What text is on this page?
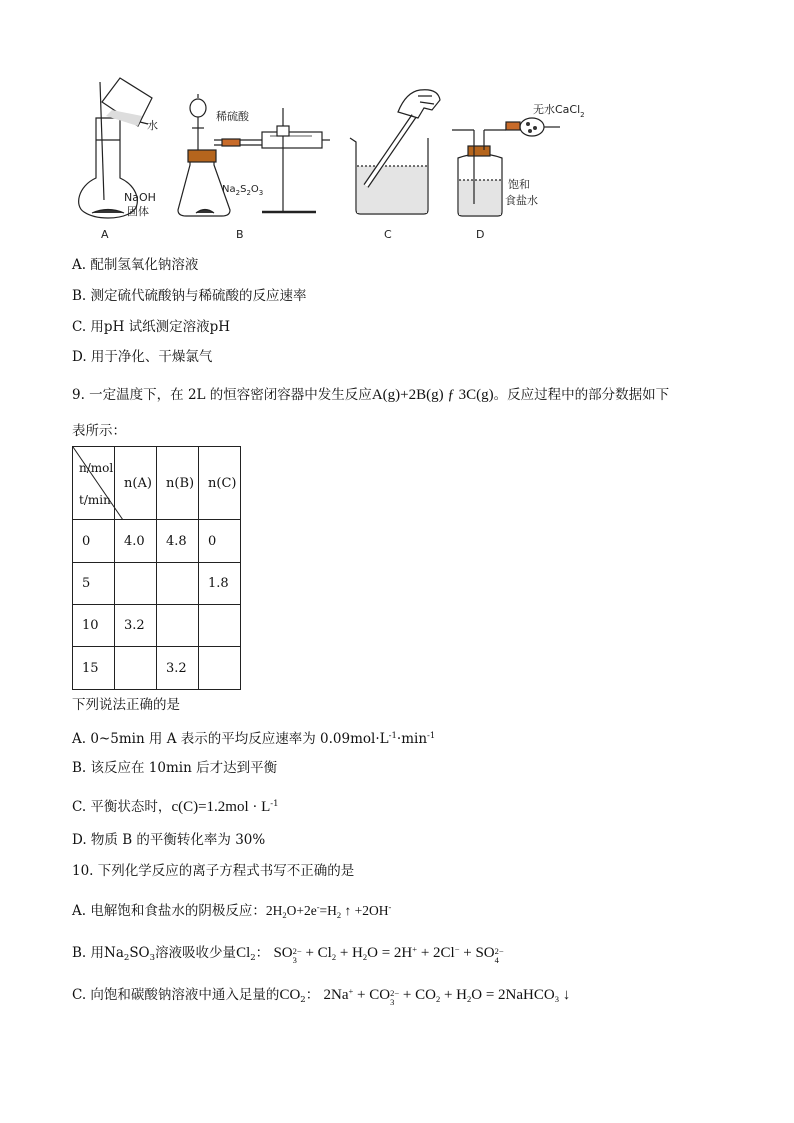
水
NaOH
固体
A
稀硫酸
$Na_2S_2O_3$
B	C
无水CaCl$_2$
饱和
食盐水
D
A. 配制氢氧化钠溶液
B. 测定硫代硫酸钠与稀硫酸的反应速率
C. 用pH 试纸测定溶液pH
D. 用于净化、干燥氯气
9. 一定温度下，在 2L 的恒容密闭容器中发生反应A(g)+2B(g) ƒ 3C(g)。反应过程中的部分数据如下
表所示：
n/mol
t/min	n(A)	n(B)	n(C)
0	4.0	4.8	0
5			1.8
10	3.2		
15		3.2	
下列说法正确的是
A. 0~5min 用 A 表示的平均反应速率为 $0.09mol\cdot L^{-1}\cdot\min^{-1}$
B. 该反应在 10min 后才达到平衡
C. 平衡状态时，$c(C)=1.2mol \cdot L^{-1}$
D. 物质 B 的平衡转化率为 30%
10. 下列化学反应的离子方程式书写不正确的是
A. 电解饱和食盐水的阴极反应：$2H_2O+2e^-=H_2$ ↑ +2OH-
B. 用$Na_2SO_3$溶液吸收少量$Cl_2$： SO 2−
$3 + Cl_2 + H_2O = 2H^+ + 2Cl^-$ + SO 2−
4
C. 向饱和碳酸钠溶液中通入足量的$CO_2$： 2Na+ + CO 2−
$3 + CO_2 + H_2O$ = 2NaHCO$_3$ ↓
